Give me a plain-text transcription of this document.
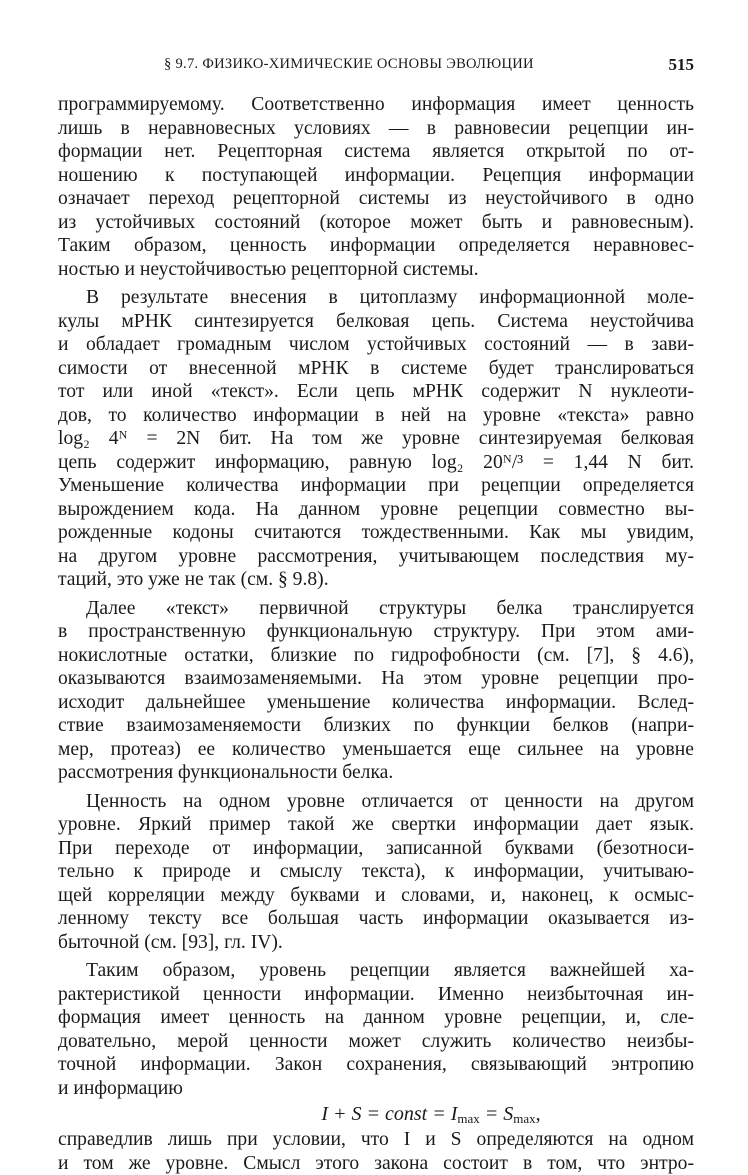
§ 9.7. ФИЗИКО-ХИМИЧЕСКИЕ ОСНОВЫ ЭВОЛЮЦИИ	515
программируемому. Соответственно информация имеет ценность
лишь в неравновесных условиях — в равновесии рецепции ин-
формации нет. Рецепторная система является открытой по от-
ношению к поступающей информации. Рецепция информации
означает переход рецепторной системы из неустойчивого в одно
из устойчивых состояний (которое может быть и равновесным).
Таким образом, ценность информации определяется неравновес-
ностью и неустойчивостью рецепторной системы.
В результате внесения в цитоплазму информационной моле-
кулы мРНК синтезируется белковая цепь. Система неустойчива
и обладает громадным числом устойчивых состояний — в зави-
симости от внесенной мРНК в системе будет транслироваться
тот или иной «текст». Если цепь мРНК содержит N нуклеоти-
дов, то количество информации в ней на уровне «текста» равно
log₂ 4ᴺ = 2N бит. На том же уровне синтезируемая белковая
цепь содержит информацию, равную log₂ 20ᴺ/³ = 1,44 N бит.
Уменьшение количества информации при рецепции определяется
вырождением кода. На данном уровне рецепции совместно вы-
рожденные кодоны считаются тождественными. Как мы увидим,
на другом уровне рассмотрения, учитывающем последствия му-
таций, это уже не так (см. § 9.8).
Далее «текст» первичной структуры белка транслируется
в пространственную функциональную структуру. При этом ами-
нокислотные остатки, близкие по гидрофобности (см. [7], § 4.6),
оказываются взаимозаменяемыми. На этом уровне рецепции про-
исходит дальнейшее уменьшение количества информации. Вслед-
ствие взаимозаменяемости близких по функции белков (напри-
мер, протеаз) ее количество уменьшается еще сильнее на уровне
рассмотрения функциональности белка.
Ценность на одном уровне отличается от ценности на другом
уровне. Яркий пример такой же свертки информации дает язык.
При переходе от информации, записанной буквами (безотноси-
тельно к природе и смыслу текста), к информации, учитываю-
щей корреляции между буквами и словами, и, наконец, к осмыс-
ленному тексту все большая часть информации оказывается из-
быточной (см. [93], гл. IV).
Таким образом, уровень рецепции является важнейшей ха-
рактеристикой ценности информации. Именно неизбыточная ин-
формация имеет ценность на данном уровне рецепции, и, сле-
довательно, мерой ценности может служить количество неизбы-
точной информации. Закон сохранения, связывающий энтропию
и информацию
I + S = const = $I_{max} = S_{max}$,
справедлив лишь при условии, что I и S определяются на одном
и том же уровне. Смысл этого закона состоит в том, что энтро-
